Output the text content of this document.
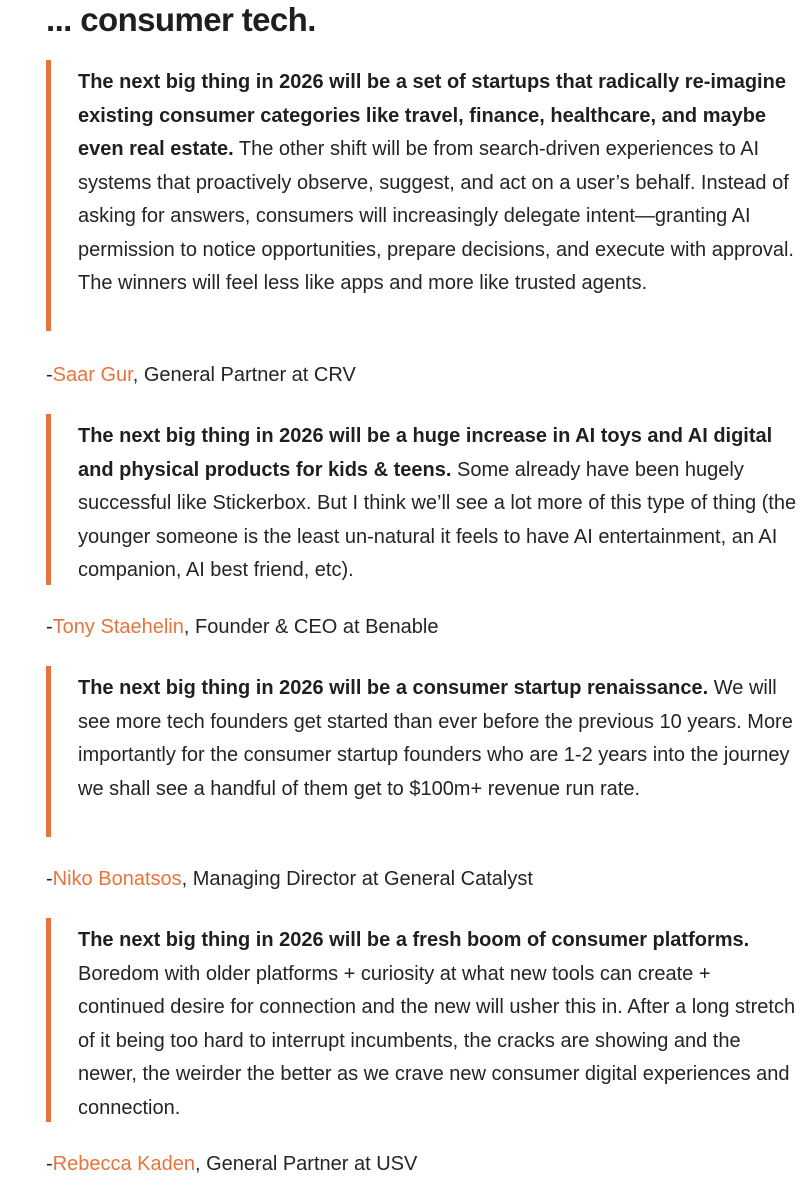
... consumer tech.

The next big thing in 2026 will be a set of startups that radically re-imagine existing consumer categories like travel, finance, healthcare, and maybe even real estate. The other shift will be from search-driven experiences to AI systems that proactively observe, suggest, and act on a user’s behalf. Instead of asking for answers, consumers will increasingly delegate intent—granting AI permission to notice opportunities, prepare decisions, and execute with approval. The winners will feel less like apps and more like trusted agents.

-Saar Gur, General Partner at CRV

The next big thing in 2026 will be a huge increase in AI toys and AI digital and physical products for kids & teens. Some already have been hugely successful like Stickerbox. But I think we’ll see a lot more of this type of thing (the younger someone is the least un-natural it feels to have AI entertainment, an AI companion, AI best friend, etc).

-Tony Staehelin, Founder & CEO at Benable

The next big thing in 2026 will be a consumer startup renaissance. We will see more tech founders get started than ever before the previous 10 years. More importantly for the consumer startup founders who are 1-2 years into the journey we shall see a handful of them get to $100m+ revenue run rate.

-Niko Bonatsos, Managing Director at General Catalyst

The next big thing in 2026 will be a fresh boom of consumer platforms. Boredom with older platforms + curiosity at what new tools can create + continued desire for connection and the new will usher this in. After a long stretch of it being too hard to interrupt incumbents, the cracks are showing and the newer, the weirder the better as we crave new consumer digital experiences and connection.

-Rebecca Kaden, General Partner at USV
